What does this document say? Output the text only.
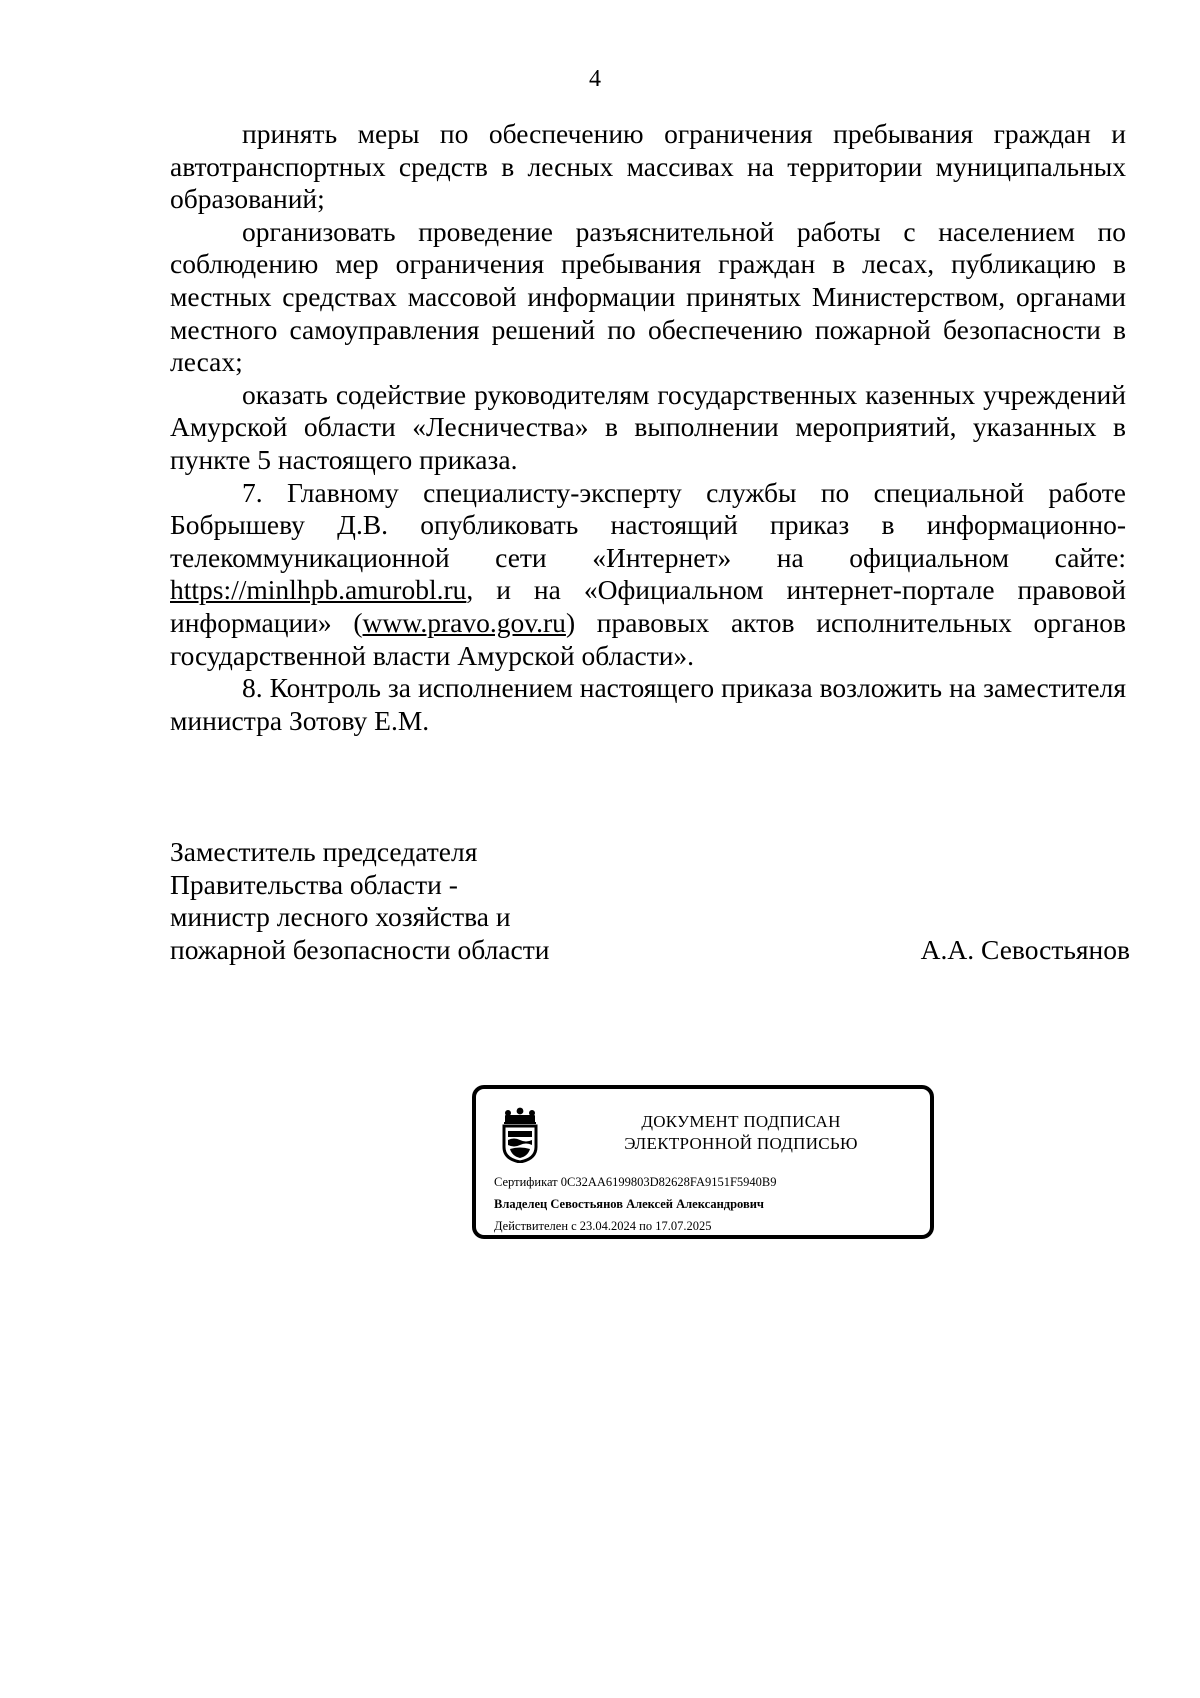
4

принять меры по обеспечению ограничения пребывания граждан и автотранспортных средств в лесных массивах на территории муниципальных образований;

организовать проведение разъяснительной работы с населением по соблюдению мер ограничения пребывания граждан в лесах, публикацию в местных средствах массовой информации принятых Министерством, органами местного самоуправления решений по обеспечению пожарной безопасности в лесах;

оказать содействие руководителям государственных казенных учреждений Амурской области «Лесничества» в выполнении мероприятий, указанных в пункте 5 настоящего приказа.

7. Главному специалисту-эксперту службы по специальной работе Бобрышеву Д.В. опубликовать настоящий приказ в информационно-телекоммуникационной сети «Интернет» на официальном сайте: https://minlhpb.amurobl.ru, и на «Официальном интернет-портале правовой информации» (www.pravo.gov.ru) правовых актов исполнительных органов государственной власти Амурской области».

8. Контроль за исполнением настоящего приказа возложить на заместителя министра Зотову Е.М.

Заместитель председателя
Правительства области -
министр лесного хозяйства и
пожарной безопасности области	А.А. Севостьянов
ДОКУМЕНТ ПОДПИСАН
ЭЛЕКТРОННОЙ ПОДПИСЬЮ
Сертификат 0C32AA6199803D82628FA9151F5940B9
Владелец Севостьянов Алексей Александрович
Действителен с 23.04.2024 по 17.07.2025
